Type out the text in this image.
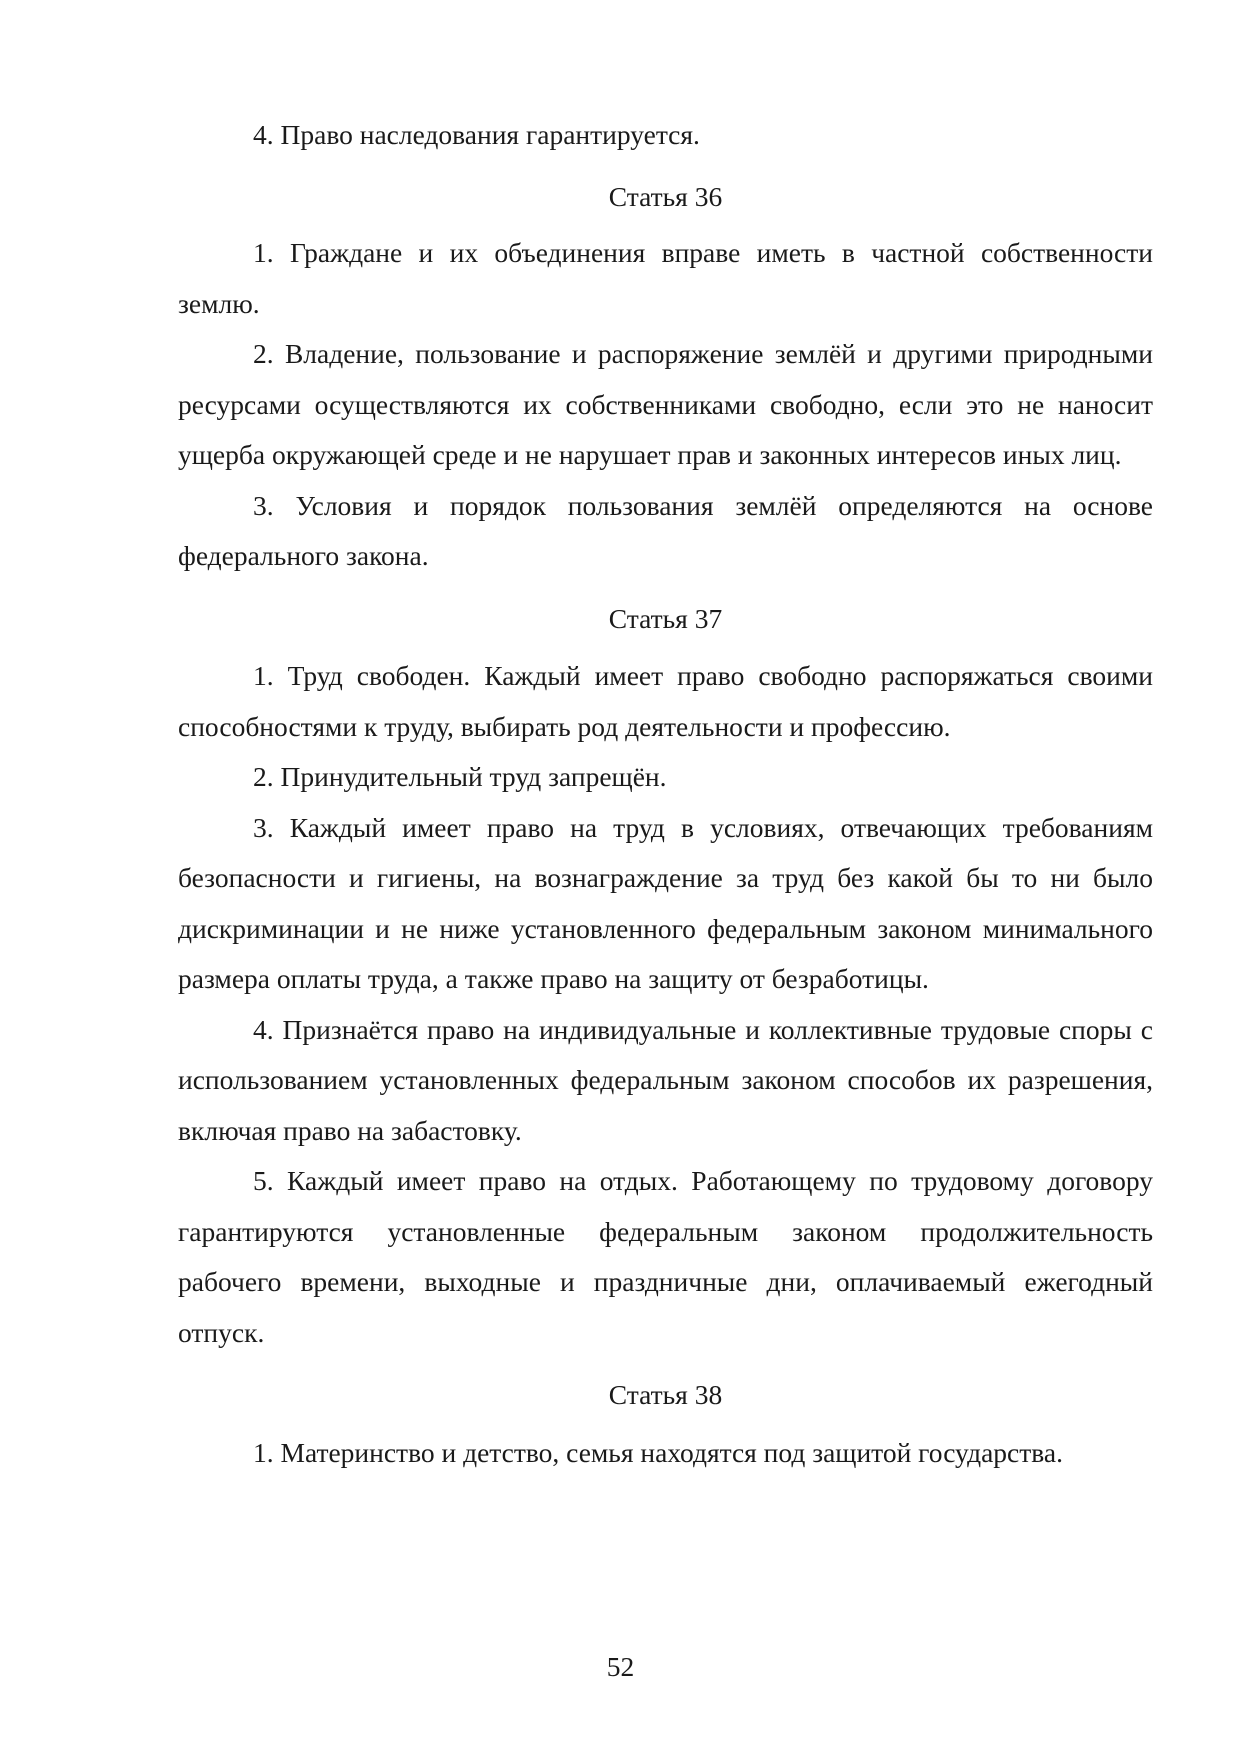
4. Право наследования гарантируется.

Статья 36

1. Граждане и их объединения вправе иметь в частной собственности землю.

2. Владение, пользование и распоряжение землёй и другими природными ресурсами осуществляются их собственниками свободно, если это не наносит ущерба окружающей среде и не нарушает прав и законных интересов иных лиц.

3. Условия и порядок пользования землёй определяются на основе федерального закона.

Статья 37

1. Труд свободен. Каждый имеет право свободно распоряжаться своими способностями к труду, выбирать род деятельности и профессию.

2. Принудительный труд запрещён.

3. Каждый имеет право на труд в условиях, отвечающих требованиям безопасности и гигиены, на вознаграждение за труд без какой бы то ни было дискриминации и не ниже установленного федеральным законом минимального размера оплаты труда, а также право на защиту от безработицы.

4. Признаётся право на индивидуальные и коллективные трудовые споры с использованием установленных федеральным законом способов их разрешения, включая право на забастовку.

5. Каждый имеет право на отдых. Работающему по трудовому договору гарантируются установленные федеральным законом продолжительность рабочего времени, выходные и праздничные дни, оплачиваемый ежегодный отпуск.

Статья 38

1. Материнство и детство, семья находятся под защитой государства.

52
